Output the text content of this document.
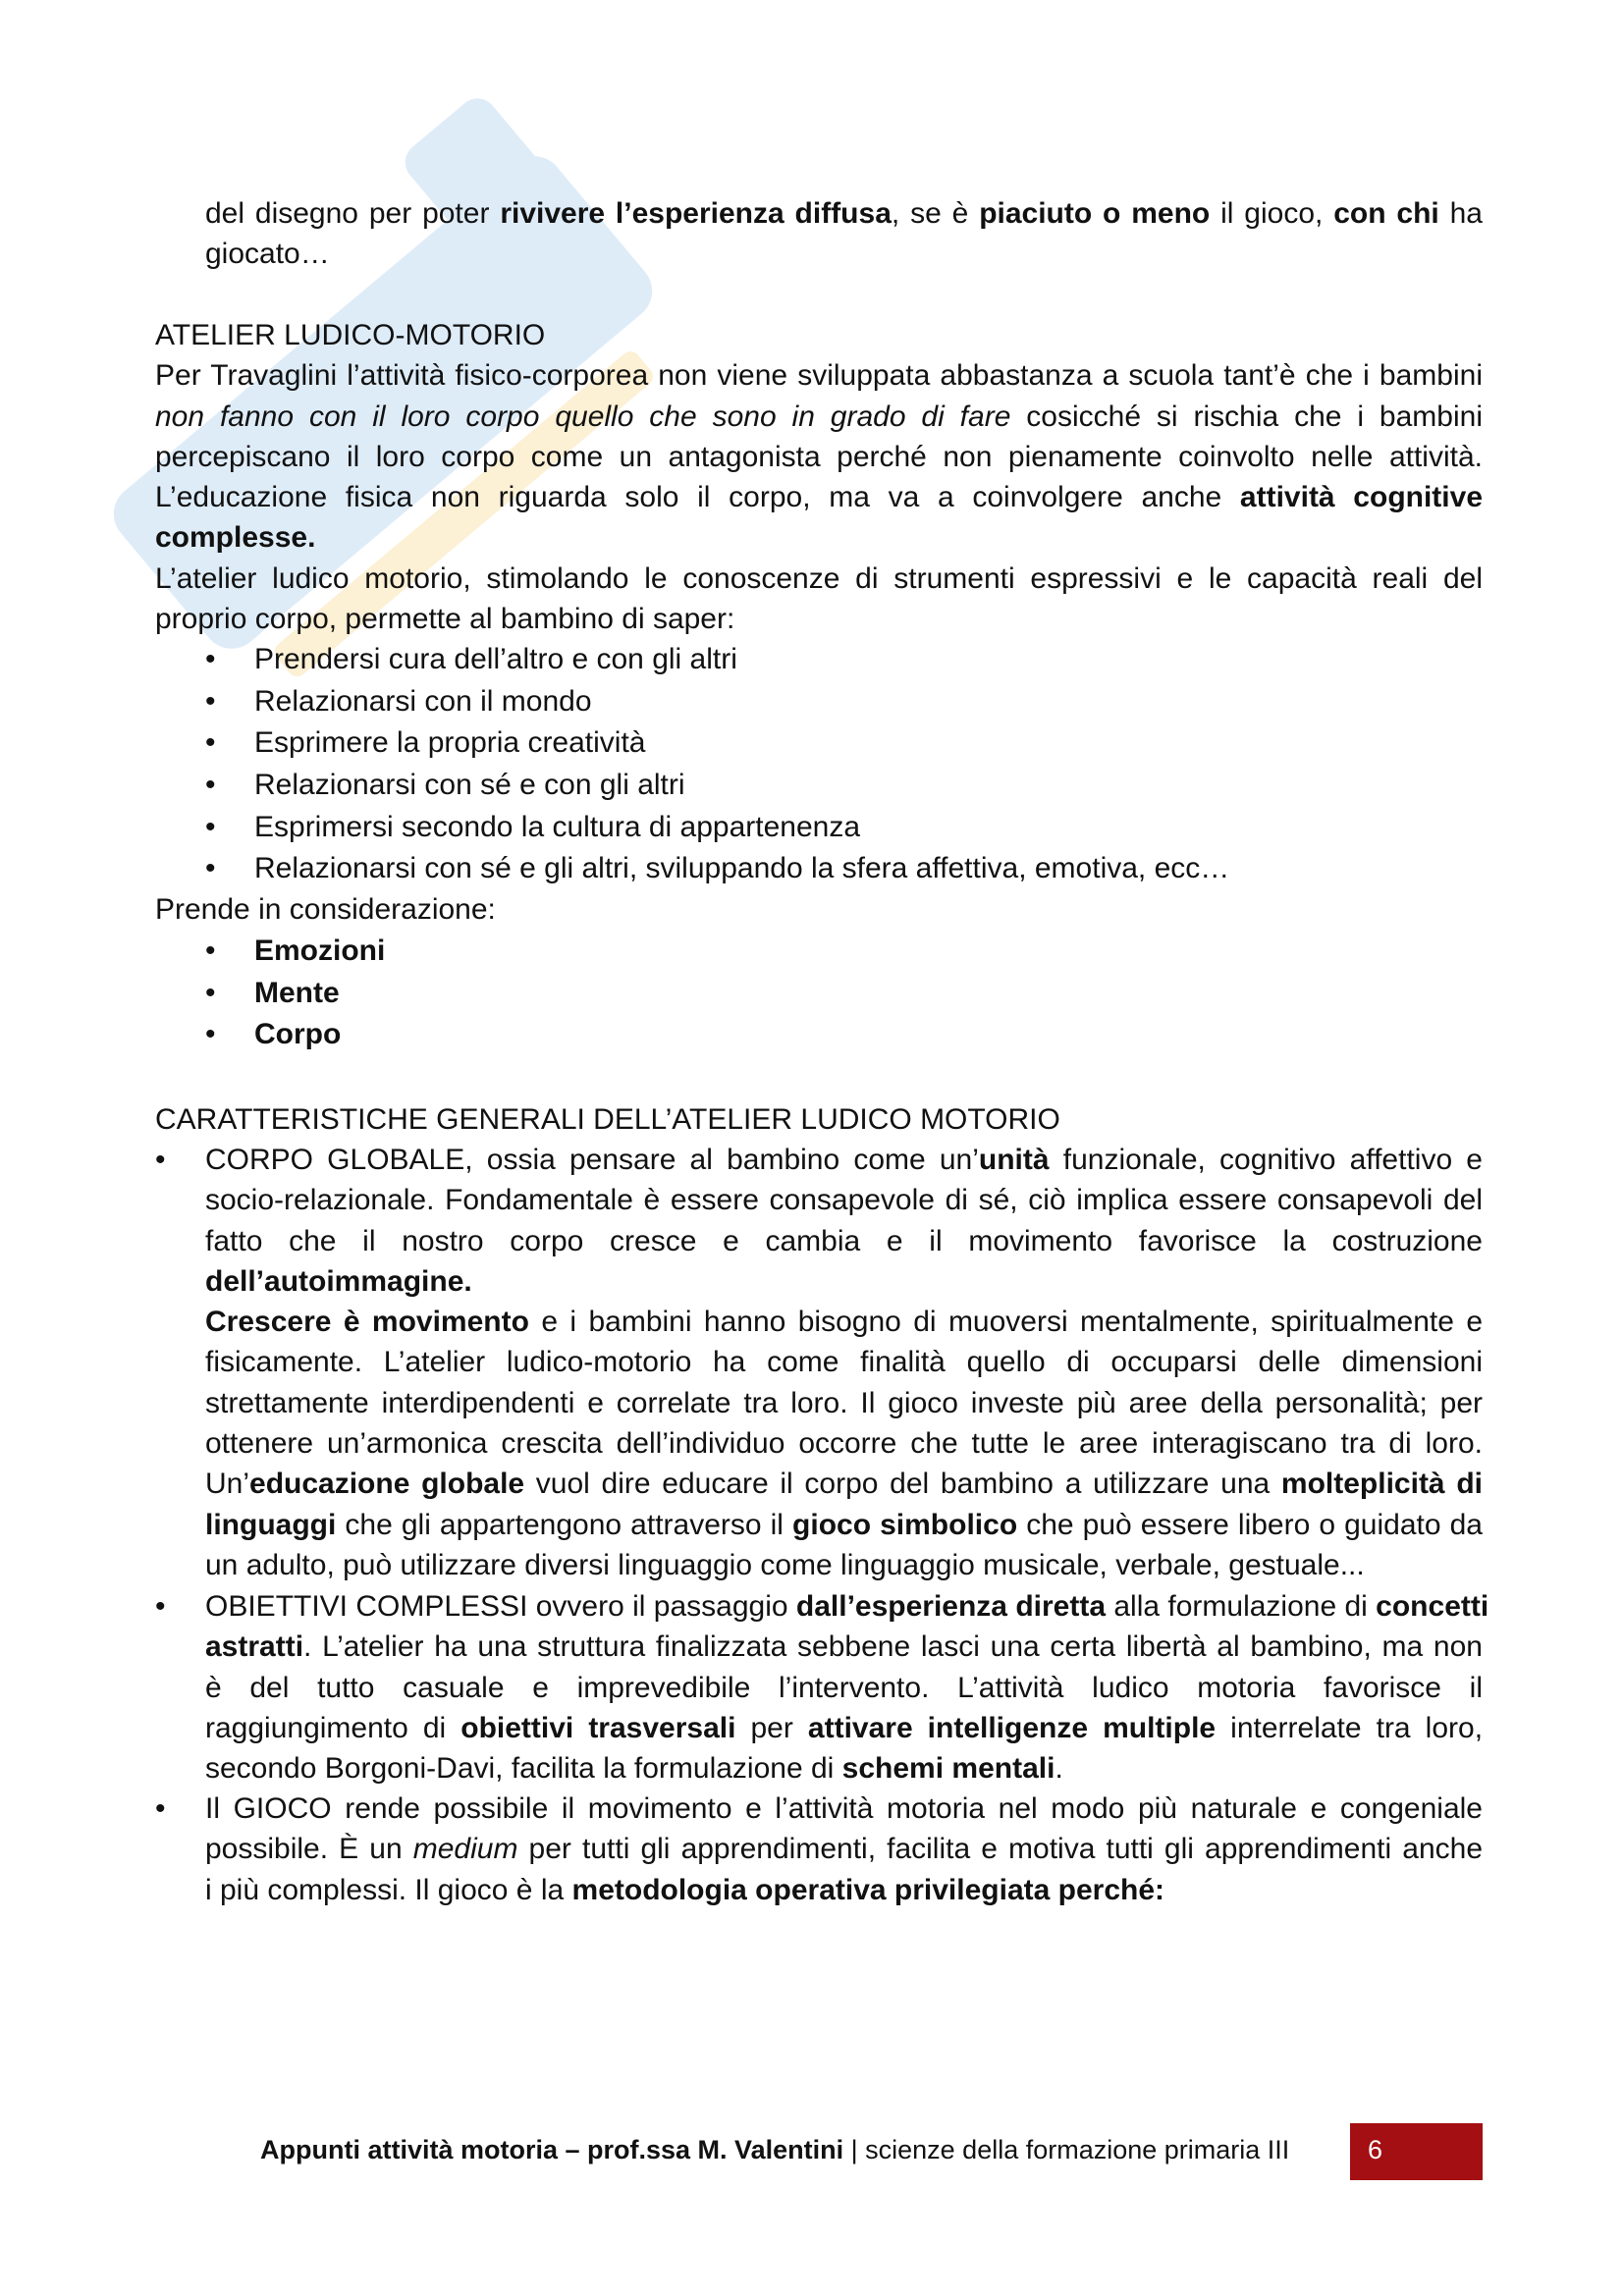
del disegno per poter rivivere l’esperienza diffusa, se è piaciuto o meno il gioco, con chi ha
giocato…
ATELIER LUDICO-MOTORIO
Per Travaglini l’attività fisico-corporea non viene sviluppata abbastanza a scuola tant’è che i bambini
non fanno con il loro corpo quello che sono in grado di fare cosicché si rischia che i bambini
percepiscano il loro corpo come un antagonista perché non pienamente coinvolto nelle attività.
L’educazione fisica non riguarda solo il corpo, ma va a coinvolgere anche attività cognitive
complesse.
L’atelier ludico motorio, stimolando le conoscenze di strumenti espressivi e le capacità reali del
proprio corpo, permette al bambino di saper:
• Prendersi cura dell’altro e con gli altri
• Relazionarsi con il mondo
• Esprimere la propria creatività
• Relazionarsi con sé e con gli altri
• Esprimersi secondo la cultura di appartenenza
• Relazionarsi con sé e gli altri, sviluppando la sfera affettiva, emotiva, ecc…
Prende in considerazione:
• Emozioni
• Mente
• Corpo
CARATTERISTICHE GENERALI DELL’ATELIER LUDICO MOTORIO
• CORPO GLOBALE, ossia pensare al bambino come un’unità funzionale, cognitivo affettivo e
socio-relazionale. Fondamentale è essere consapevole di sé, ciò implica essere consapevoli del
fatto che il nostro corpo cresce e cambia e il movimento favorisce la costruzione
dell’autoimmagine.
Crescere è movimento e i bambini hanno bisogno di muoversi mentalmente, spiritualmente e
fisicamente. L’atelier ludico-motorio ha come finalità quello di occuparsi delle dimensioni
strettamente interdipendenti e correlate tra loro. Il gioco investe più aree della personalità; per
ottenere un’armonica crescita dell’individuo occorre che tutte le aree interagiscano tra di loro.
Un’educazione globale vuol dire educare il corpo del bambino a utilizzare una molteplicità di
linguaggi che gli appartengono attraverso il gioco simbolico che può essere libero o guidato da
un adulto, può utilizzare diversi linguaggio come linguaggio musicale, verbale, gestuale...
• OBIETTIVI COMPLESSI ovvero il passaggio dall’esperienza diretta alla formulazione di concetti
astratti. L’atelier ha una struttura finalizzata sebbene lasci una certa libertà al bambino, ma non
è del tutto casuale e imprevedibile l’intervento. L’attività ludico motoria favorisce il
raggiungimento di obiettivi trasversali per attivare intelligenze multiple interrelate tra loro,
secondo Borgoni-Davi, facilita la formulazione di schemi mentali.
• Il GIOCO rende possibile il movimento e l’attività motoria nel modo più naturale e congeniale
possibile. È un medium per tutti gli apprendimenti, facilita e motiva tutti gli apprendimenti anche
i più complessi. Il gioco è la metodologia operativa privilegiata perché:
Appunti attività motoria – prof.ssa M. Valentini | scienze della formazione primaria III	6
